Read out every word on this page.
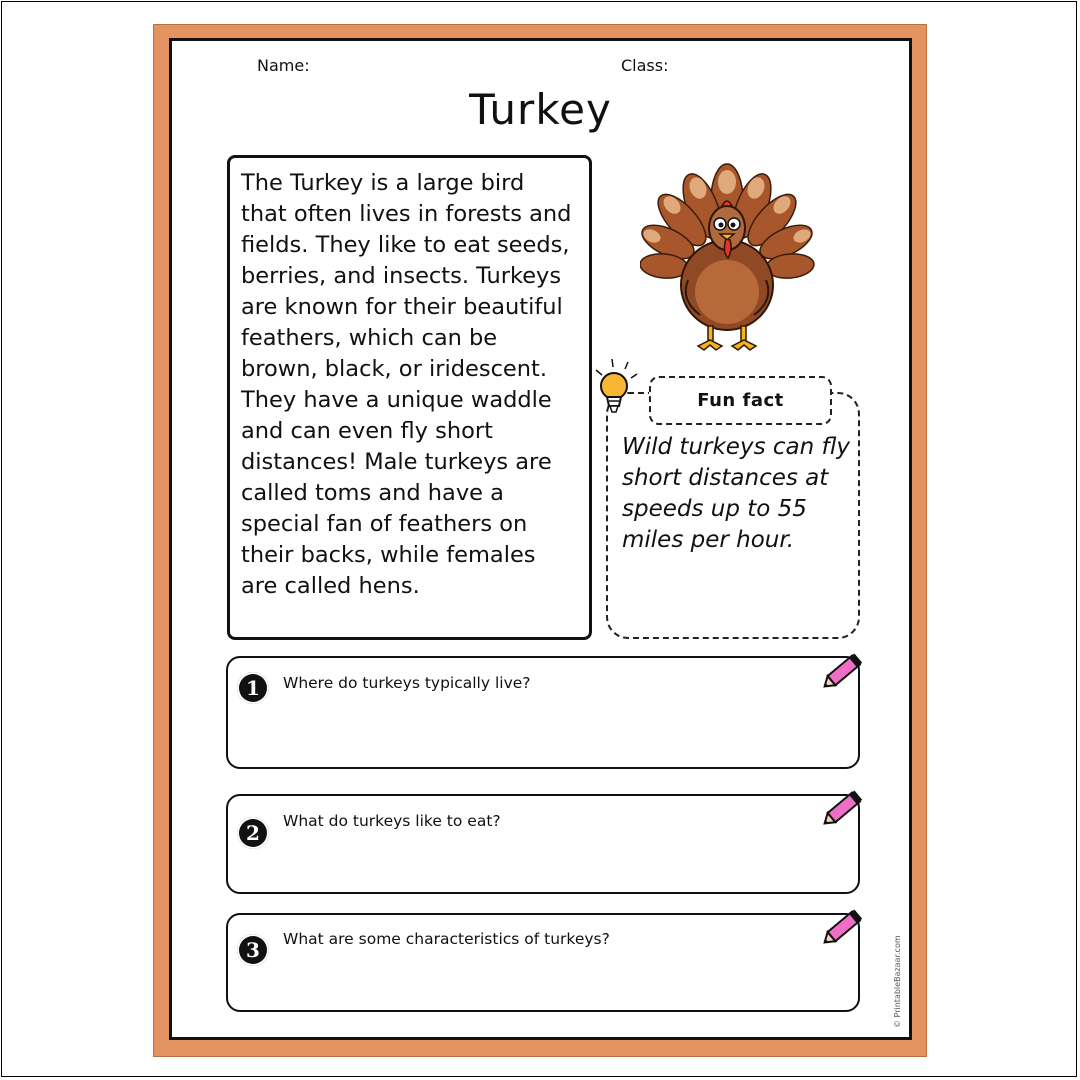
Name:	Class:
Turkey
The Turkey is a large bird that often lives in forests and fields. They like to eat seeds, berries, and insects. Turkeys are known for their beautiful feathers, which can be brown, black, or iridescent. They have a unique waddle and can even fly short distances! Male turkeys are called toms and have a special fan of feathers on their backs, while females are called hens.
Fun fact
Wild turkeys can fly short distances at speeds up to 55 miles per hour.
1	Where do turkeys typically live?
2	What do turkeys like to eat?
3	What are some characteristics of turkeys?	© PrintableBazaar.com
